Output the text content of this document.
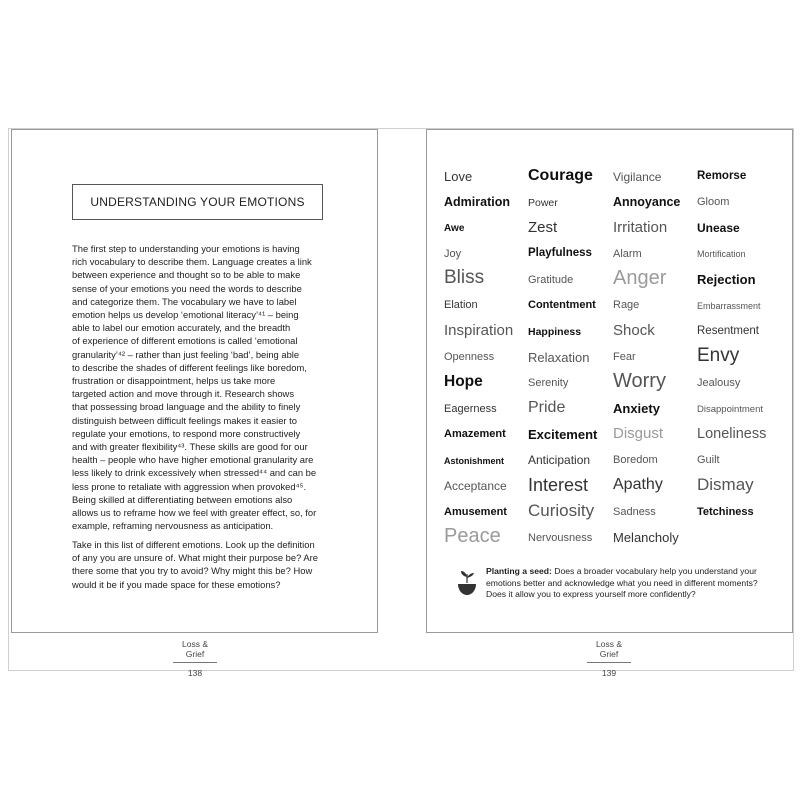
UNDERSTANDING YOUR EMOTIONS
The first step to understanding your emotions is having
rich vocabulary to describe them. Language creates a link
between experience and thought so to be able to make
sense of your emotions you need the words to describe
and categorize them. The vocabulary we have to label
emotion helps us develop ‘emotional literacy’⁴¹ – being
able to label our emotion accurately, and the breadth
of experience of different emotions is called ‘emotional
granularity’⁴² – rather than just feeling ‘bad’, being able
to describe the shades of different feelings like boredom,
frustration or disappointment, helps us take more
targeted action and move through it. Research shows
that possessing broad language and the ability to finely
distinguish between difficult feelings makes it easier to
regulate your emotions, to respond more constructively
and with greater flexibility⁴³. These skills are good for our
health – people who have higher emotional granularity are
less likely to drink excessively when stressed⁴⁴ and can be
less prone to retaliate with aggression when provoked⁴⁵.
Being skilled at differentiating between emotions also
allows us to reframe how we feel with greater effect, so, for
example, reframing nervousness as anticipation.
Take in this list of different emotions. Look up the definition
of any you are unsure of. What might their purpose be? Are
there some that you try to avoid? Why might this be? How
would it be if you made space for these emotions?
Loss & Grief
138
Love
Admiration
Awe
Joy
Bliss
Elation
Inspiration
Openness
Hope
Eagerness
Amazement
Astonishment
Acceptance
Amusement
Peace
Courage
Power
Zest
Playfulness
Gratitude
Contentment
Happiness
Relaxation
Serenity
Pride
Excitement
Anticipation
Interest
Curiosity
Nervousness
Vigilance
Annoyance
Irritation
Alarm
Anger
Rage
Shock
Fear
Worry
Anxiety
Disgust
Boredom
Apathy
Sadness
Melancholy
Remorse
Gloom
Unease
Mortification
Rejection
Embarrassment
Resentment
Envy
Jealousy
Disappointment
Loneliness
Guilt
Dismay
Tetchiness
Loss & Grief
139

Planting a seed: Does a broader vocabulary help you understand your
emotions better and acknowledge what you need in different moments?
Does it allow you to express yourself more confidently?
